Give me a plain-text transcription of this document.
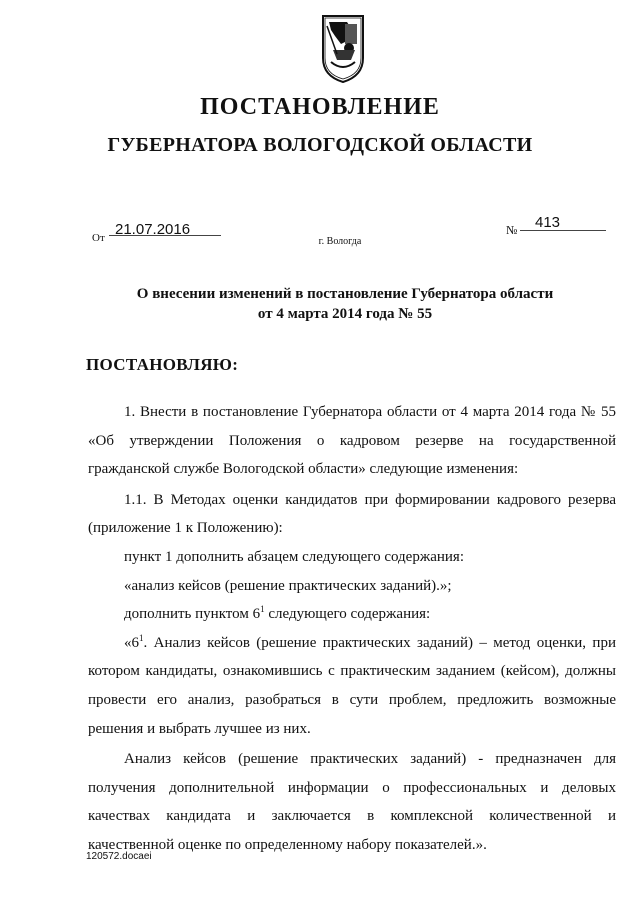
ПОСТАНОВЛЕНИЕ
ГУБЕРНАТОРА ВОЛОГОДСКОЙ ОБЛАСТИ
От 21.07.2016	№ 413
г. Вологда
О внесении изменений в постановление Губернатора области
от 4 марта 2014 года № 55
ПОСТАНОВЛЯЮ:

1. Внести в постановление Губернатора области от 4 марта 2014 года № 55 «Об утверждении Положения о кадровом резерве на государственной гражданской службе Вологодской области» следующие изменения:

1.1. В Методах оценки кандидатов при формировании кадрового резерва (приложение 1 к Положению):

пункт 1 дополнить абзацем следующего содержания:

«анализ кейсов (решение практических заданий).»;

дополнить пунктом $6^1$ следующего содержания:

«$6^1$. Анализ кейсов (решение практических заданий) – метод оценки, при котором кандидаты, ознакомившись с практическим заданием (кейсом), должны провести его анализ, разобраться в сути проблем, предложить возможные решения и выбрать лучшее из них.

Анализ кейсов (решение практических заданий) - предназначен для получения дополнительной информации о профессиональных и деловых качествах кандидата и заключается в комплексной количественной и качественной оценке по определенному набору показателей.».

120572.docaei
